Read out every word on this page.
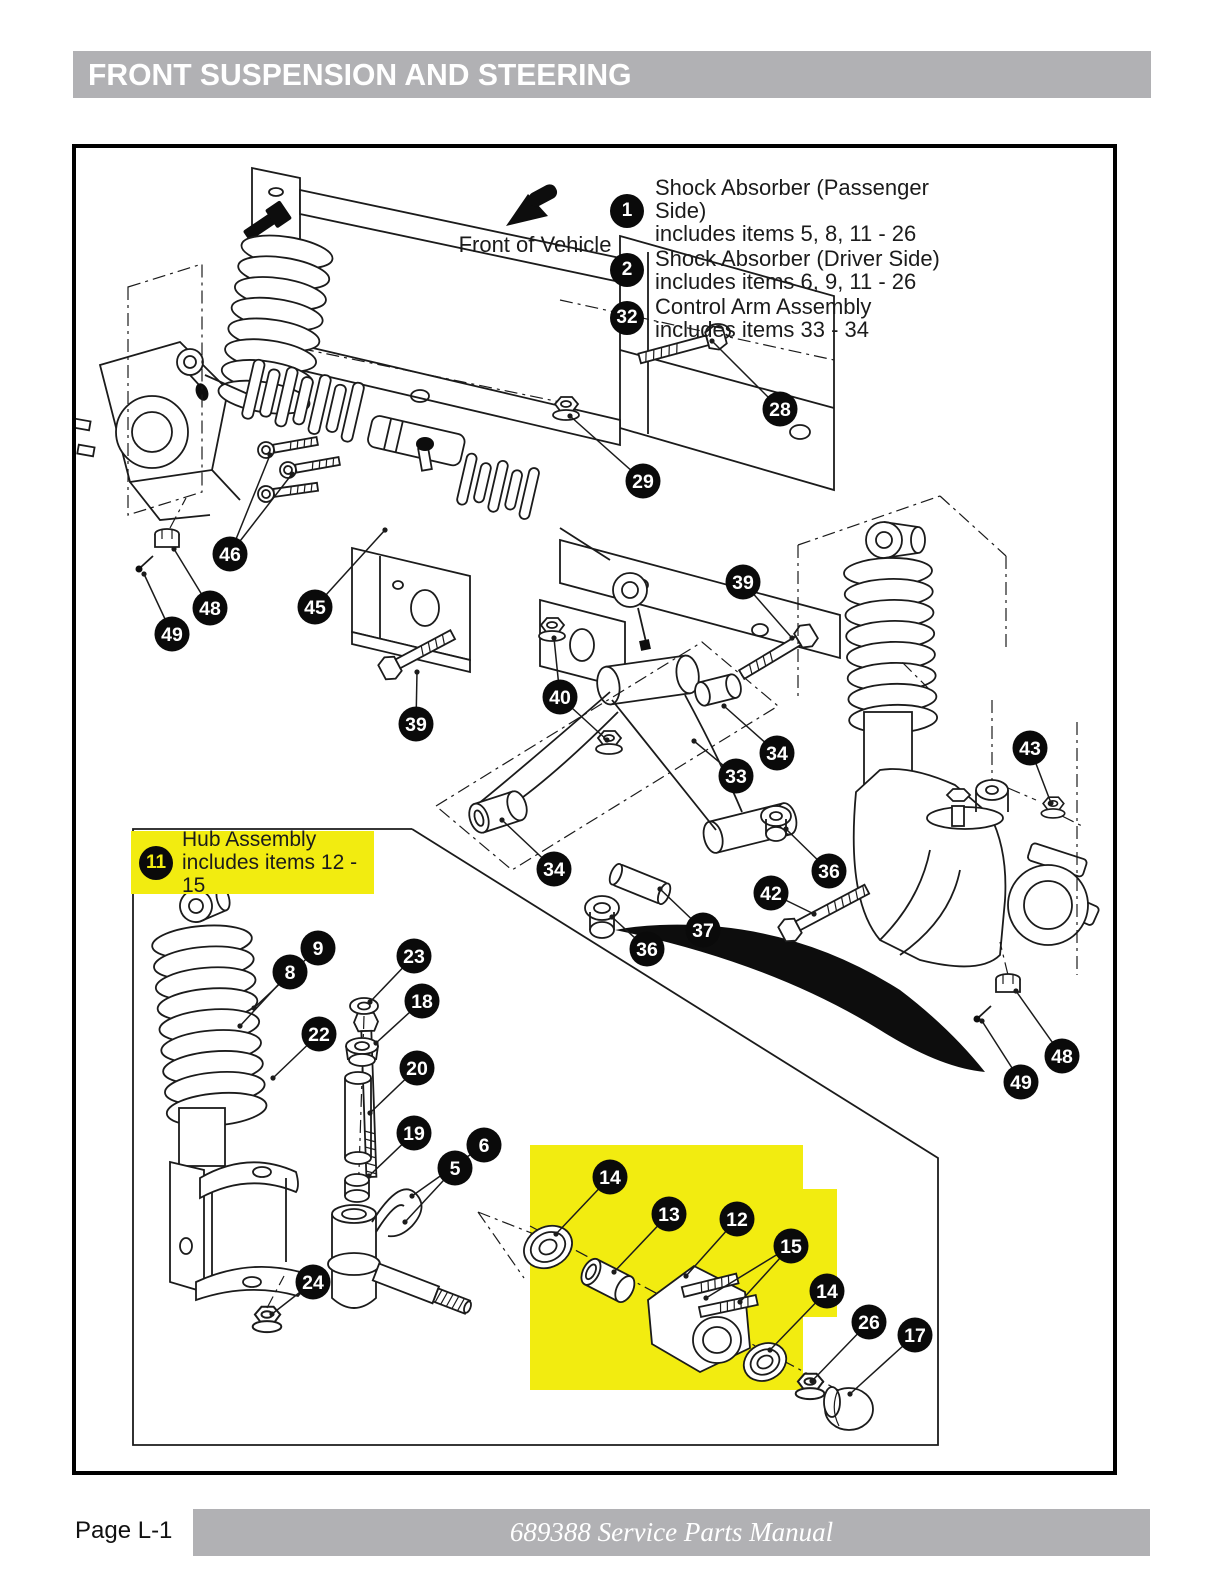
FRONT SUSPENSION AND STEERING
28
29
46
48
49
45
39
40
39
33
34
34
43
36
42
37
36
9
8
23
18
22
20
19
6
5
24
14
13 12
15
14
26
17
48
49
1
Shock Absorber (Passenger Side)
includes items 5, 8, 11 - 26
2	Shock Absorber (Driver Side)
includes items 6, 9, 11 - 26
32 Control Arm Assembly
includes items 33 - 34
Front of Vehicle
11
Hub Assembly
includes items 12 - 15
Page L-1	689388 Service Parts Manual
